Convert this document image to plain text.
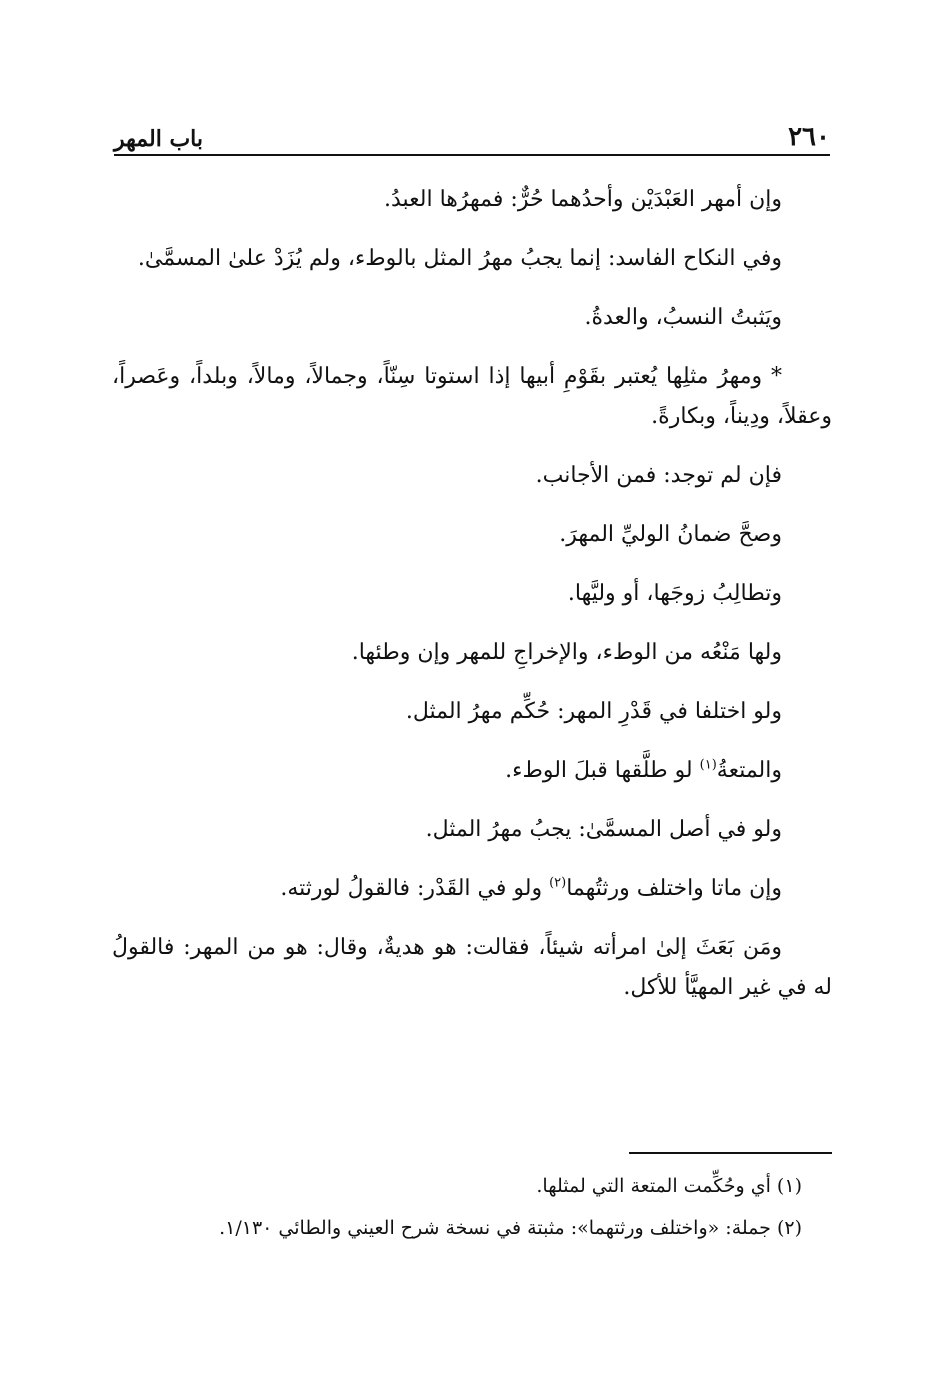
٢٦٠
باب المهر

وإن أمهر العَبْدَيْن وأحدُهما حُرٌّ: فمهرُها العبدُ.

وفي النكاح الفاسد: إنما يجبُ مهرُ المثل بالوطء، ولم يُزَدْ علىٰ المسمَّىٰ.

ويَثبتُ النسبُ، والعدةُ.

* ومهرُ مثلِها يُعتبر بقَوْمِ أبيها إذا استوتا سِنّاً، وجمالاً، ومالاً، وبلداً، وعَصراً، وعقلاً، ودِيناً، وبكارةً.

فإن لم توجد: فمن الأجانب.

وصحَّ ضمانُ الوليِّ المهرَ.

وتطالِبُ زوجَها، أو وليَّها.

ولها مَنْعُه من الوطء، والإخراجِ للمهر وإن وطئها.

ولو اختلفا في قَدْرِ المهر: حُكِّم مهرُ المثل.

والمتعةُ$^{(١)}$ لو طلَّقها قبلَ الوطء.

ولو في أصل المسمَّىٰ: يجبُ مهرُ المثل.

وإن ماتا واختلف ورثتُهما$^{(٢)}$ ولو في القَدْر: فالقولُ لورثته.

ومَن بَعَثَ إلىٰ امرأته شيئاً، فقالت: هو هديةٌ، وقال: هو من المهر: فالقولُ له في غير المهيَّأ للأكل.

(١) أي وحُكِّمت المتعة التي لمثلها.

(٢) جملة: «واختلف ورثتهما»: مثبتة في نسخة شرح العيني والطائي ١/١٣٠.
